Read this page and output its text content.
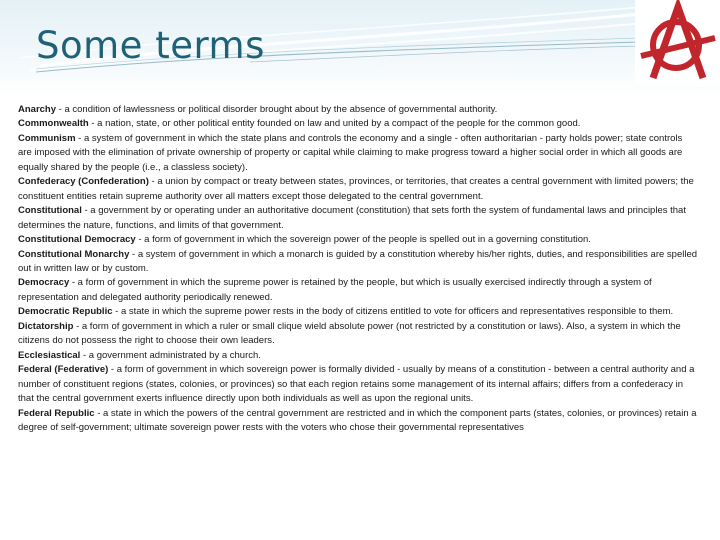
Some terms

Anarchy - a condition of lawlessness or political disorder brought about by the absence of governmental authority.

Commonwealth - a nation, state, or other political entity founded on law and united by a compact of the people for the common good.

Communism - a system of government in which the state plans and controls the economy and a single - often authoritarian - party holds power; state controls are imposed with the elimination of private ownership of property or capital while claiming to make progress toward a higher social order in which all goods are equally shared by the people (i.e., a classless society).

Confederacy (Confederation) - a union by compact or treaty between states, provinces, or territories, that creates a central government with limited powers; the constituent entities retain supreme authority over all matters except those delegated to the central government.

Constitutional - a government by or operating under an authoritative document (constitution) that sets forth the system of fundamental laws and principles that determines the nature, functions, and limits of that government.

Constitutional Democracy - a form of government in which the sovereign power of the people is spelled out in a governing constitution.

Constitutional Monarchy - a system of government in which a monarch is guided by a constitution whereby his/her rights, duties, and responsibilities are spelled out in written law or by custom.

Democracy - a form of government in which the supreme power is retained by the people, but which is usually exercised indirectly through a system of representation and delegated authority periodically renewed.

Democratic Republic - a state in which the supreme power rests in the body of citizens entitled to vote for officers and representatives responsible to them.

Dictatorship - a form of government in which a ruler or small clique wield absolute power (not restricted by a constitution or laws). Also, a system in which the citizens do not possess the right to choose their own leaders.

Ecclesiastical - a government administrated by a church.

Federal (Federative) - a form of government in which sovereign power is formally divided - usually by means of a constitution - between a central authority and a number of constituent regions (states, colonies, or provinces) so that each region retains some management of its internal affairs; differs from a confederacy in that the central government exerts influence directly upon both individuals as well as upon the regional units.

Federal Republic - a state in which the powers of the central government are restricted and in which the component parts (states, colonies, or provinces) retain a degree of self-government; ultimate sovereign power rests with the voters who chose their governmental representatives
